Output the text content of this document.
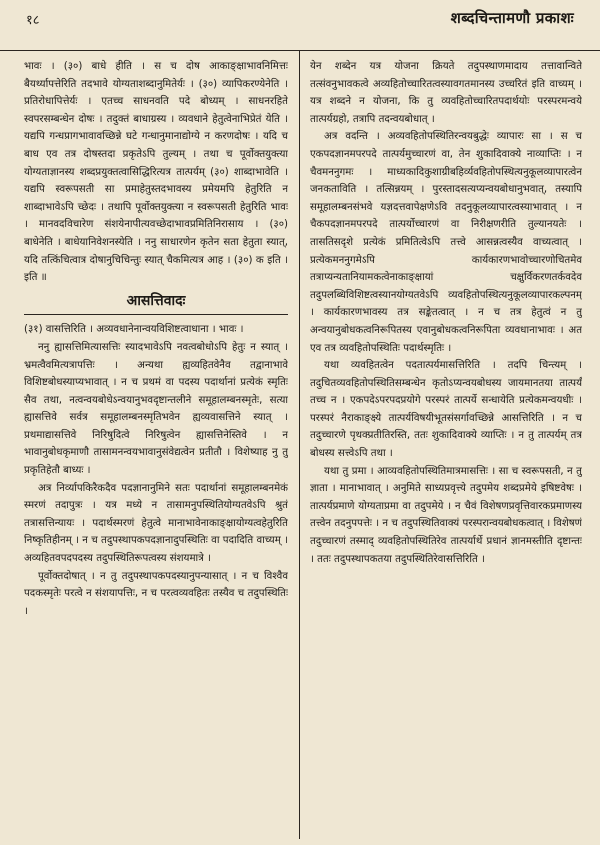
१८	शब्दचिन्तामणौ प्रकाशः

भावः । (३०) बाधे हीति । स च दोष आकाङ्क्षाभावनिमित्तः बैयर्थ्यापत्तेरिति तदभावे योग्यताशब्दानुमितेर्यः । (३०) व्यापिकरण्येनेति । प्रतिरोधापित्तेर्यः । एतच्च साधनवति पदे बोध्यम् । साधनरहिते स्वपरसम्बन्धेन दोषः । तदुक्तं बाधाग्रस्य । व्यवधाने हेतुत्वेनाभिप्रेतं येति । यद्यपि गन्धप्रागभावावच्छिन्ने घटे गन्धानुमानाद्योग्ये न करणदोषः । यदि च बाध एव तत्र दोषस्तदा प्रकृतेऽपि तुल्यम् । तथा च पूर्वोक्तयुक्त्या योग्यताज्ञानस्य शब्दप्रयुक्तत्वासिद्धिरित्यत्र तात्पर्यम् (३०) शाब्दाभावेति । यद्यपि स्वरूपसती सा प्रमाहेतुस्तदभावस्य प्रमेयमपि हेतुरिति न शाब्दाभावेऽपि च्छेदः । तथापि पूर्वोक्तयुक्त्या न स्वरूपसती हेतुरिति भावः । मानवदविचारेण संशयेनापीत्यवच्छेदाभावप्रमितिनिरासाय । (३०) बाधेनेति । बाधेयानिवेशनस्येति । ननु साधारणेन कृतेन सता हेतुता स्यात्, यदि तत्किंचित्वात्र दोषानुचिचिन्तुः स्यात् चैकमित्यत्र आह । (३०) क इति । इति ॥

आसत्तिवादः

(३१) वासत्तिरिति । अव्यवधानेनान्वयविशिष्टत्वाधाना । भावः ।

ननु ह्यासत्तिमित्यासत्तिः स्यादभावेऽपि नवत्वबोधोऽपि हेतुः न स्यात् । भ्रमत्वैवमित्यत्रापत्तिः । अन्यथा ह्यव्यहितवेनैव तद्वानाभावे विशिष्टबोधस्याप्यभावात् । न च प्रथमं वा पदस्य पदार्थानां प्रत्येकं स्मृतिः सैव तथा, नत्वन्वयबोधेऽन्वयानुभवदृष्टान्तलीने समूहालम्बनस्मृतेः, सत्या ह्यासत्तिवे सर्वत्र समूहालम्बनस्मृतिभवेन ह्यव्यवासत्तिने स्यात् । प्रथमाद्यासत्तिवे निरिषुदित्वे निरिषुत्वेन ह्यासत्तिनेस्तिवे । न भावानुबोधकृमाणौ तासामनन्वयभावानुसंवेद्यत्वेन प्रतीतौ । विशेष्याह नु तु प्रकृतिहेतौ बाध्यः ।

अत्र निर्व्यापकिरैकदैव पदज्ञानानुमिने सतः पदार्थानां समूहालम्बनमेकं स्मरणं तदापुत्रः । यत्र मध्ये न तासामनुपस्थितियोग्यतवेऽपि श्रुतं तत्रासत्तिन्यायः । पदार्थस्मरणं हेतुत्वे मानाभावेनाकाङ्क्षायोग्यत्वहेतुरिति निष्कृतिहीनम् । न च तदुपस्थापकपदज्ञानादुपस्थितिः वा पदादिति वाच्यम् । अव्यहितवपदपदस्य तदुपस्थितिरूपत्वस्य संशयमात्रे ।

पूर्वोक्तदोषात् । न तु तदुपस्थापकपदस्यानुपन्यासात् । न च विश्वैव पदकस्मृतेः परत्वे न संशयापत्तिः, न च परत्वव्यवहितः तस्यैव च तदुपस्थितिः ।

येन शब्देन यत्र योजना क्रियते तदुपस्थाणमादाय तत्तावान्विते तत्संवनुभावकत्वे अव्यहितोच्चारितत्वस्यावगतमानस्य उच्चरितं इति वाच्यम् । यत्र शब्दने न योजना, कि तु व्यवहितोच्चारितपदार्थयोः परस्परमन्वये तात्पर्यग्रहो, तत्रापि तदन्वयबोधात् ।

अत्र वदन्ति । अव्यवहितोपस्थितिरन्वयबुद्धेः व्यापारः सा । स च एकपदज्ञानमपरपदे तात्पर्यमुच्चारणं वा, तेन शुकादिवाक्ये नाव्याप्तिः । न चैवमननुगमः । माध्यकादिकुशाग्रीबहिर्व्यवहितोपस्थित्यनुकूलव्यापारत्वेन जनकताविति । तत्सिन्नयम् । पुरस्तादसत्यप्यन्वयबोधानुभवात्, तस्यापि समूहालम्बनसंभवे यज्ञदत्तवापेक्षणेऽवि तदनुकूलव्यापारत्वस्याभावात् । न चैकपदज्ञानमपरपदे तात्पर्योच्चारणं वा निरीक्षणरीति तुल्यानयतेः । तासतिसदृशे प्रत्येकं प्रमितित्वेऽपि तत्त्वे आसन्नत्वस्यैव वाच्यत्वात् । प्रत्येकमननुगमेऽपि कार्यकारणभावोच्चारणोचितमेव तत्राप्यन्यतानियामकत्वेनाकाङ्क्षायां चक्षुर्विकरणतर्कवदेव तदुपलब्धिविशिष्टत्वस्यानयोग्यतवेऽपि व्यवहितोपस्थित्यनुकूलव्यापारकल्पनम् । कार्यकारणभावस्य तत्र सङ्केतत्वात् । न च तत्र हेतुत्वं न तु अन्वयानुबोधकत्वनिरूपितस्य एवानुबोधकत्वनिरूपिता व्यवधानाभावः । अत एव तत्र व्यवहितोपस्थितिः पदार्थस्मृतिः ।

यथा व्यवहितत्वेन पदतात्पर्यमासत्तिरिति । तदपि चिन्त्यम् । तदुचितव्यवहितोपस्थितिसम्बन्धेन कृतोऽप्यन्वयबोधस्य जायमानतया तात्पर्यं तच्च न । एकपदेऽपरपदप्रयोगे परस्परं तात्पर्ये सन्धायेति प्रत्येकमन्वयधीः । परस्परं नैराकाङ्क्ष्ये तात्पर्यविषयीभूतसंसर्गावच्छिन्ने आसत्तिरिति । न च तदुच्चारणे पृथक्प्रतीतिरस्ति, ततः शुकादिवाक्ये व्याप्तिः । न तु तात्पर्यम् तत्र बोधस्य सत्त्वेऽपि तथा ।

यथा तु प्रमा । आव्यवहितोपस्थितिमात्रमासत्तिः । सा च स्वरूपसती, न तु ज्ञाता । मानाभावात् । अनुमिते साध्यप्रवृत्त्ये तदुपमेय शब्दप्रमेये इषिष्टवेषः । तात्पर्यप्रमाणे योग्यताप्रमा वा तदुपमेये । न चैवं विशेषणप्रवृत्तिवारकप्रमाणस्य तत्त्वेन तदनुपपत्तेः । न च तदुपस्थितिवाक्यं परस्परान्वयबोधकत्वात् । विशेषणं तदुच्चारणं तस्माद् व्यवहितोपस्थितिरेव तात्पर्यार्थे प्रधानं ज्ञानमस्तीति दृष्टान्तः । ततः तदुपस्थापकतया तदुपस्थितिरेवासत्तिरिति ।
